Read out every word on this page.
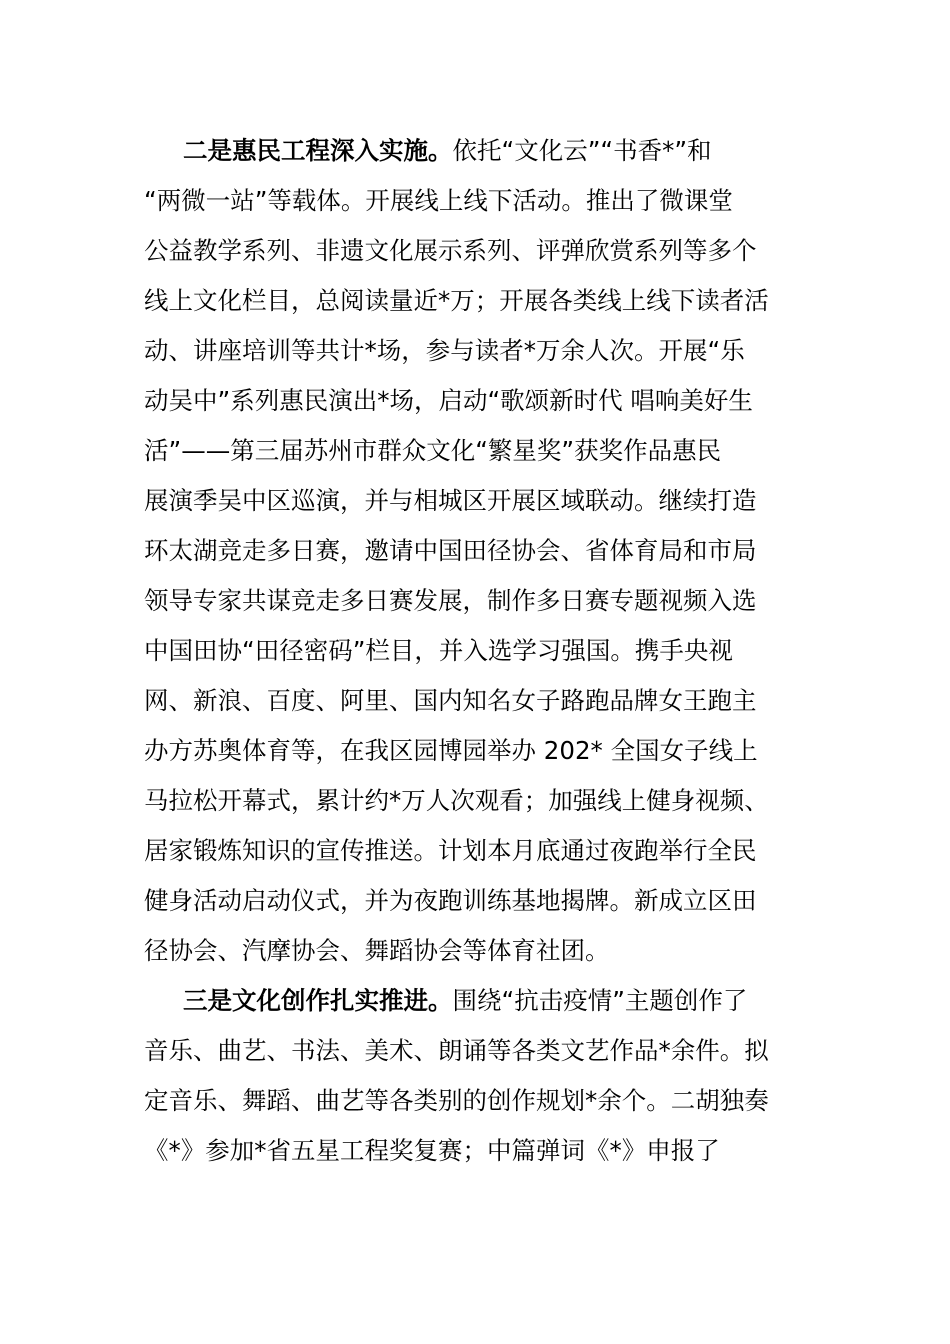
二是惠民工程深入实施。依托“文化云”“书香*”和
“两微一站”等载体。开展线上线下活动。推出了微课堂
公益教学系列、非遗文化展示系列、评弹欣赏系列等多个
线上文化栏目，总阅读量近*万；开展各类线上线下读者活
动、讲座培训等共计*场，参与读者*万余人次。开展“乐
动吴中”系列惠民演出*场，启动“歌颂新时代 唱响美好生
活”——第三届苏州市群众文化“繁星奖”获奖作品惠民
展演季吴中区巡演，并与相城区开展区域联动。继续打造
环太湖竞走多日赛，邀请中国田径协会、省体育局和市局
领导专家共谋竞走多日赛发展，制作多日赛专题视频入选
中国田协“田径密码”栏目，并入选学习强国。携手央视
网、新浪、百度、阿里、国内知名女子路跑品牌女王跑主
办方苏奥体育等，在我区园博园举办 202* 全国女子线上
马拉松开幕式，累计约*万人次观看；加强线上健身视频、
居家锻炼知识的宣传推送。计划本月底通过夜跑举行全民
健身活动启动仪式，并为夜跑训练基地揭牌。新成立区田
径协会、汽摩协会、舞蹈协会等体育社团。
三是文化创作扎实推进。围绕“抗击疫情”主题创作了
音乐、曲艺、书法、美术、朗诵等各类文艺作品*余件。拟
定音乐、舞蹈、曲艺等各类别的创作规划*余个。二胡独奏
《*》参加*省五星工程奖复赛；中篇弹词《*》申报了
